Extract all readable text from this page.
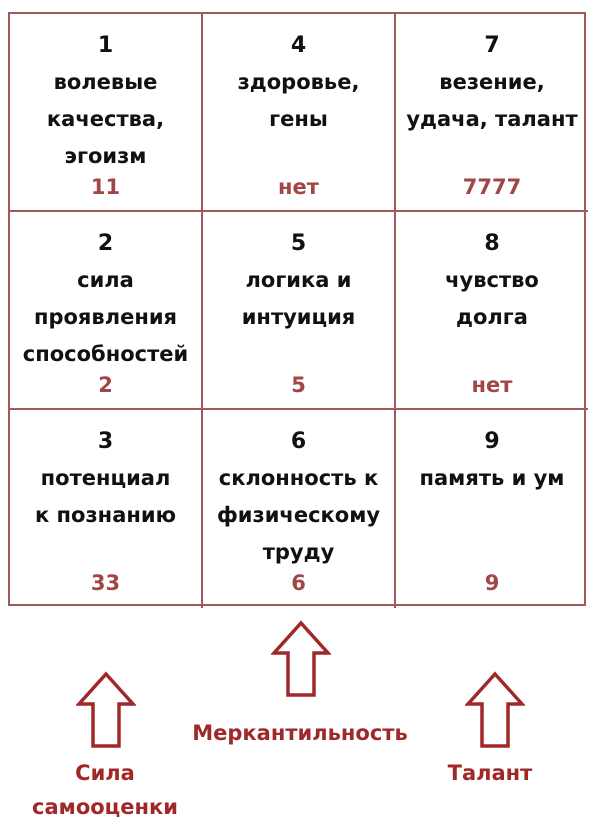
1
волевые
качества,
эгоизм
11
4
здоровье,
гены
нет
7
везение,
удача, талант
7777
2
сила
проявления
способностей
2
5
логика и
интуиция
5
8
чувство
долга
нет
3
потенциал
к познанию
33
6
склонность к
физическому
труду
6
9
память и ум
9
Сила
самооценки
Меркантильность
Талант
